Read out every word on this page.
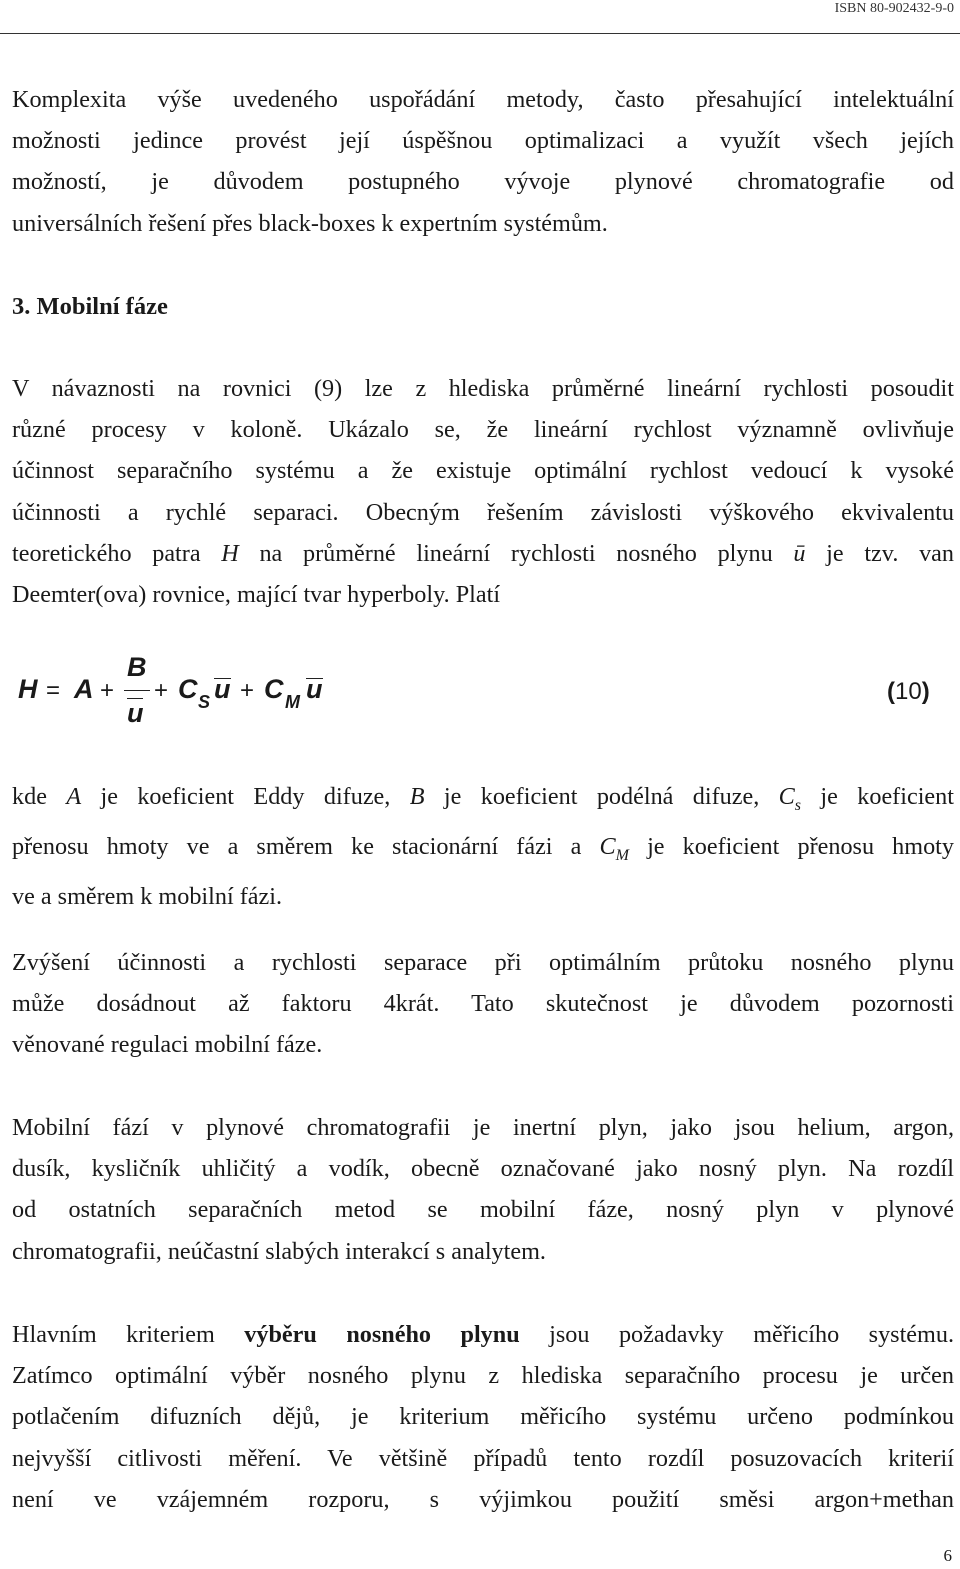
ISBN 80-902432-9-0
Komplexita výše uvedeného uspořádání metody, často přesahující intelektuální
možnosti jedince provést její úspěšnou optimalizaci a využít všech jejích
možností, je důvodem postupného vývoje plynové chromatografie od
universálních řešení přes black-boxes k expertním systémům.
3. Mobilní fáze
V návaznosti na rovnici (9) lze z hlediska průměrné lineární rychlosti posoudit
různé procesy v koloně. Ukázalo se, že lineární rychlost významně ovlivňuje
účinnost separačního systému a že existuje optimální rychlost vedoucí k vysoké
účinnosti a rychlé separaci. Obecným řešením závislosti výškového ekvivalentu
teoretického patra H na průměrné lineární rychlosti nosného plynu ū je tzv. van
Deemter(ova) rovnice, mající tvar hyperboly. Platí
H = A +
B
u
+ C S u + C M u	(10)
kde A je koeficient Eddy difuze, B je koeficient podélná difuze, $C_s$ je koeficient
přenosu hmoty ve a směrem ke stacionární fázi a $C_M$ je koeficient přenosu hmoty
ve a směrem k mobilní fázi.
Zvýšení účinnosti a rychlosti separace při optimálním průtoku nosného plynu
může dosádnout až faktoru 4krát. Tato skutečnost je důvodem pozornosti
věnované regulaci mobilní fáze.
Mobilní fází v plynové chromatografii je inertní plyn, jako jsou helium, argon,
dusík, kysličník uhličitý a vodík, obecně označované jako nosný plyn. Na rozdíl
od ostatních separačních metod se mobilní fáze, nosný plyn v plynové
chromatografii, neúčastní slabých interakcí s analytem.
Hlavním kriteriem výběru nosného plynu jsou požadavky měřicího systému.
Zatímco optimální výběr nosného plynu z hlediska separačního procesu je určen
potlačením difuzních dějů, je kriterium měřicího systému určeno podmínkou
nejvyšší citlivosti měření. Ve většině případů tento rozdíl posuzovacích kriterií
není ve vzájemném rozporu, s výjimkou použití směsi argon+methan
6
